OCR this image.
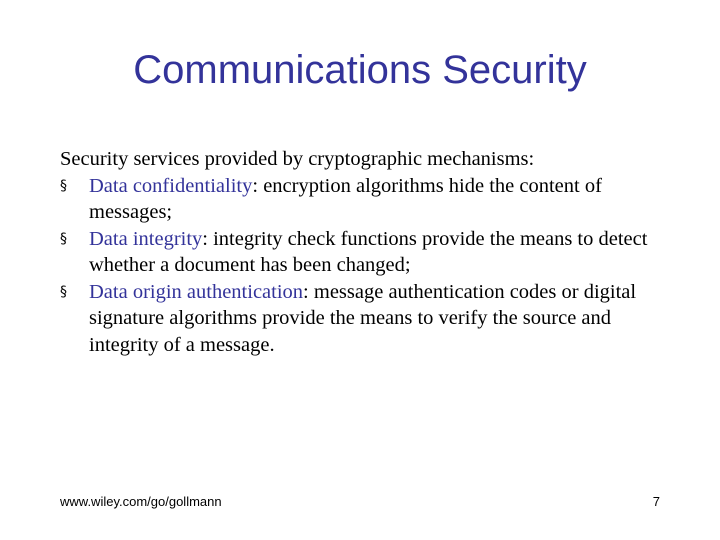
Communications Security

Security services provided by cryptographic mechanisms:

§	Data confidentiality: encryption algorithms hide the content of messages;
§	Data integrity: integrity check functions provide the means to detect whether a document has been changed;
§	Data origin authentication: message authentication codes or digital signature algorithms provide the means to verify the source and integrity of a message.
www.wiley.com/go/gollmann	7
